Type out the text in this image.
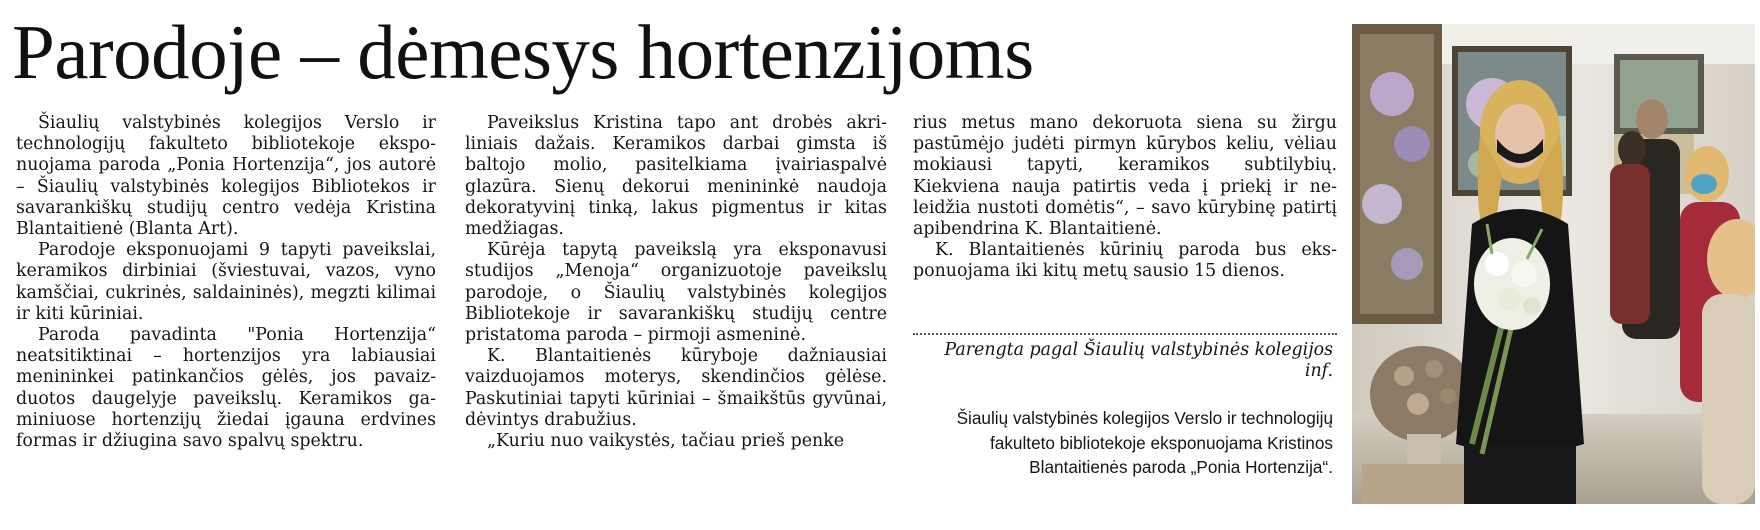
Parodoje – dėmesys hortenzijoms

Šiaulių valstybinės kolegijos Verslo ir technologijų fakulteto bibliotekoje eksponuojama paroda „Ponia Hortenzija“, jos autorė – Šiaulių valstybinės kolegijos Bibliotekos ir savarankiškų studijų centro vedėja Kristina Blantaitienė (Blanta Art).

Parodoje eksponuojami 9 tapyti paveikslai, keramikos dirbiniai (šviestuvai, vazos, vyno kamščiai, cukrinės, saldaininės), megzti kilimai ir kiti kūriniai.

Paroda pavadinta "Ponia Hortenzija“ neatsitiktinai – hortenzijos yra labiausiai menininkei patinkančios gėlės, jos pavaizduotos daugelyje paveikslų. Keramikos gaminiuose hortenzijų žiedai įgauna erdvines formas ir džiugina savo spalvų spektru.

Paveikslus Kristina tapo ant drobės akriliniais dažais. Keramikos darbai gimsta iš baltojo molio, pasitelkiama įvairiaspalvė glazūra. Sienų dekorui menininkė naudoja dekoratyvinį tinką, lakus pigmentus ir kitas medžiagas.

Kūrėja tapytą paveikslą yra eksponavusi studijos „Menoja“ organizuotoje paveikslų parodoje, o Šiaulių valstybinės kolegijos Bibliotekoje ir savarankiškų studijų centre pristatoma paroda – pirmoji asmeninė.

K. Blantaitienės kūryboje dažniausiai vaizduojamos moterys, skendinčios gėlėse. Paskutiniai tapyti kūriniai – šmaikštūs gyvūnai, dėvintys drabužius.

„Kuriu nuo vaikystės, tačiau prieš penke

rius metus mano dekoruota siena su žirgu pastūmėjo judėti pirmyn kūrybos keliu, vėliau mokiausi tapyti, keramikos subtilybių. Kiekviena nauja patirtis veda į priekį ir neleidžia nustoti domėtis“, – savo kūrybinę patirtį apibendrina K. Blantaitienė.

K. Blantaitienės kūrinių paroda bus eksponuojama iki kitų metų sausio 15 dienos.

Parengta pagal Šiaulių valstybinės kolegijos inf.

Šiaulių valstybinės kolegijos Verslo ir technologijų fakulteto bibliotekoje eksponuojama Kristinos Blantaitienės paroda „Ponia Hortenzija“.
